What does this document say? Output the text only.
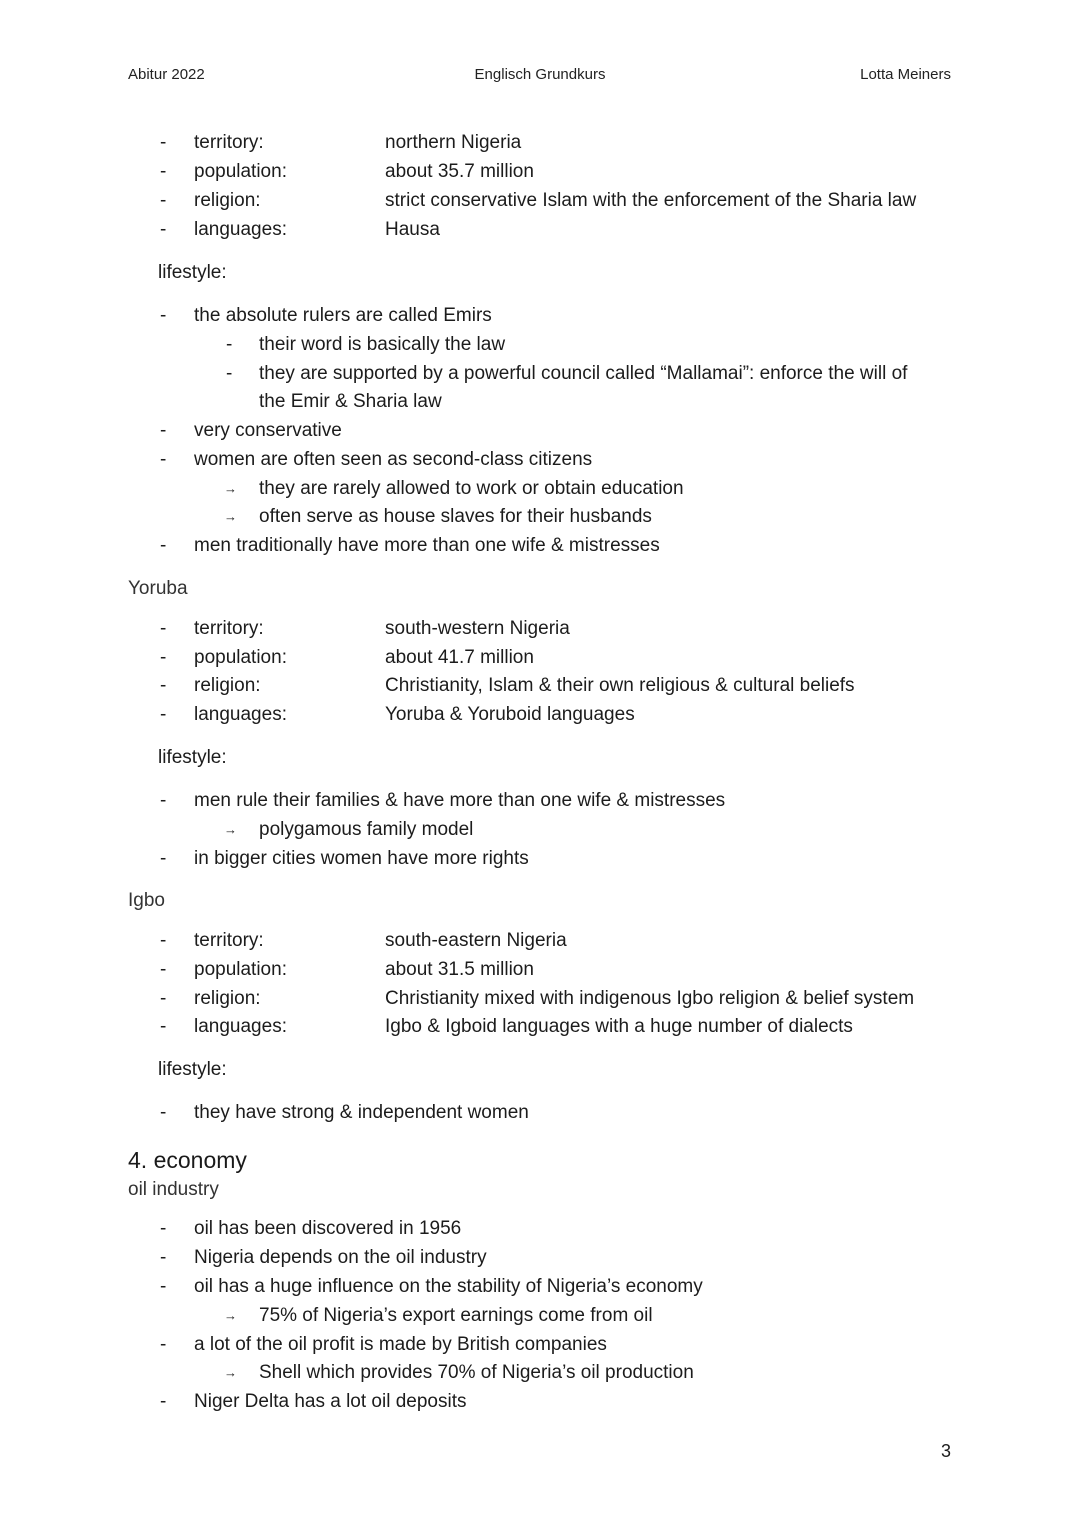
Abitur 2022	Englisch Grundkurs	Lotta Meiners
-	territory:	northern Nigeria
-	population:	about 35.7 million
-	religion:	strict conservative Islam with the enforcement of the Sharia law
-	languages:	Hausa
lifestyle:
-	the absolute rulers are called Emirs
-	their word is basically the law
-	they are supported by a powerful council called “Mallamai”: enforce the will of
the Emir & Sharia law
-	very conservative
-	women are often seen as second-class citizens
→ they are rarely allowed to work or obtain education
→ often serve as house slaves for their husbands
-	men traditionally have more than one wife & mistresses
Yoruba
-	territory:	south-western Nigeria
-	population:	about 41.7 million
-	religion:	Christianity, Islam & their own religious & cultural beliefs
-	languages:	Yoruba & Yoruboid languages
lifestyle:
-	men rule their families & have more than one wife & mistresses
→ polygamous family model
-	in bigger cities women have more rights
Igbo
-	territory:	south-eastern Nigeria
-	population:	about 31.5 million
-	religion:	Christianity mixed with indigenous Igbo religion & belief system
-	languages:	Igbo & Igboid languages with a huge number of dialects
lifestyle:
-	they have strong & independent women
4. economy
oil industry
-	oil has been discovered in 1956
-	Nigeria depends on the oil industry
-	oil has a huge influence on the stability of Nigeria’s economy
→ 75% of Nigeria’s export earnings come from oil
-	a lot of the oil profit is made by British companies
→ Shell which provides 70% of Nigeria’s oil production
-	Niger Delta has a lot oil deposits
3
